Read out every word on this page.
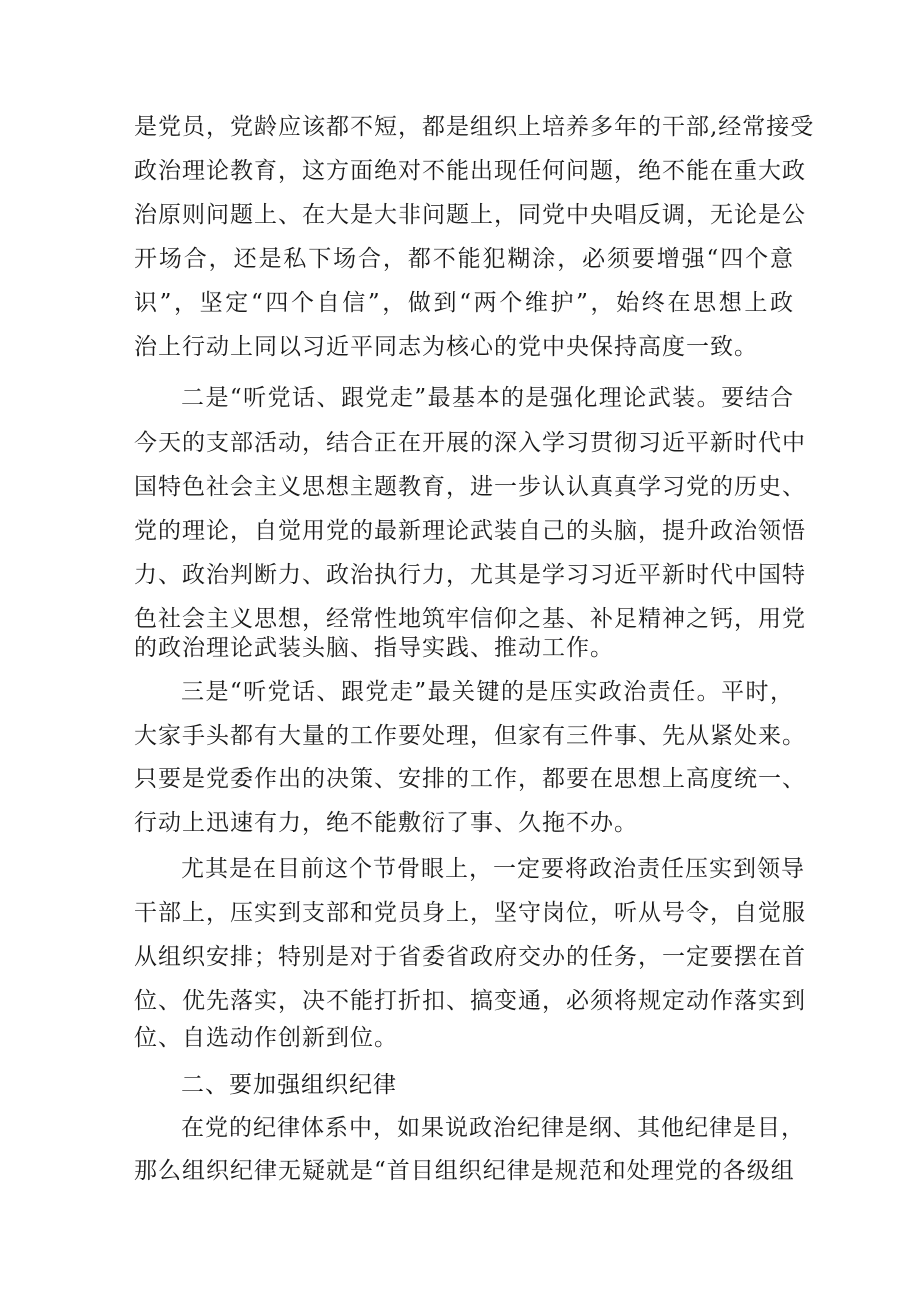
是党员，党龄应该都不短，都是组织上培养多年的干部,经常接受
政治理论教育，这方面绝对不能出现任何问题，绝不能在重大政
治原则问题上、在大是大非问题上，同党中央唱反调，无论是公
开场合，还是私下场合，都不能犯糊涂，必须要增强“四个意
识”，坚定“四个自信”，做到“两个维护”，始终在思想上政
治上行动上同以习近平同志为核心的党中央保持高度一致。
二是“听党话、跟党走”最基本的是强化理论武装。要结合
今天的支部活动，结合正在开展的深入学习贯彻习近平新时代中
国特色社会主义思想主题教育，进一步认认真真学习党的历史、
党的理论，自觉用党的最新理论武装自己的头脑，提升政治领悟
力、政治判断力、政治执行力，尤其是学习习近平新时代中国特
色社会主义思想，经常性地筑牢信仰之基、补足精神之钙，用党
的政治理论武装头脑、指导实践、推动工作。
三是“听党话、跟党走”最关键的是压实政治责任。平时，
大家手头都有大量的工作要处理，但家有三件事、先从紧处来。
只要是党委作出的决策、安排的工作，都要在思想上高度统一、
行动上迅速有力，绝不能敷衍了事、久拖不办。
尤其是在目前这个节骨眼上，一定要将政治责任压实到领导
干部上，压实到支部和党员身上，坚守岗位，听从号令，自觉服
从组织安排；特别是对于省委省政府交办的任务，一定要摆在首
位、优先落实，决不能打折扣、搞变通，必须将规定动作落实到
位、自选动作创新到位。
二、要加强组织纪律
在党的纪律体系中，如果说政治纪律是纲、其他纪律是目，
那么组织纪律无疑就是“首目组织纪律是规范和处理党的各级组
